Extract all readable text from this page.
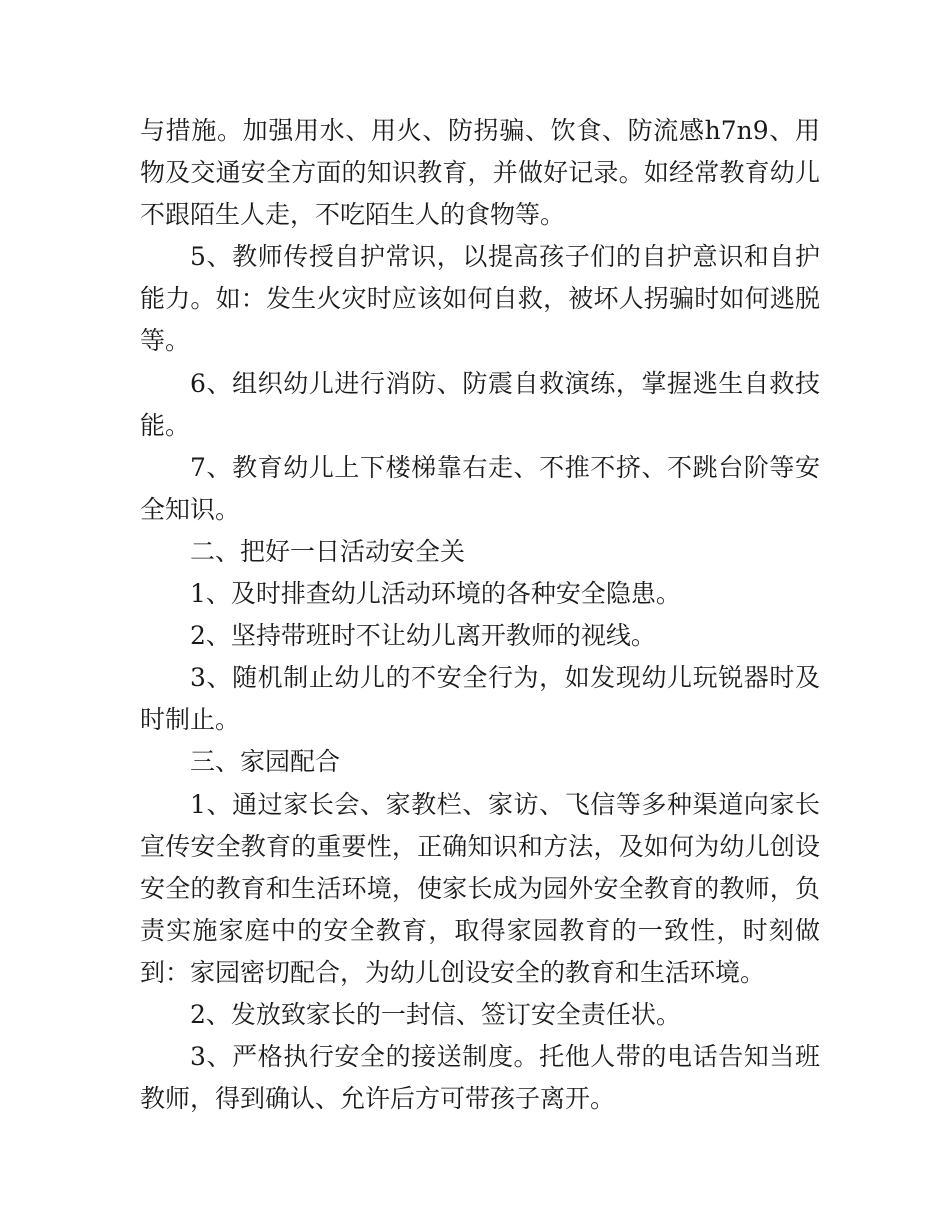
与措施。加强用水、用火、防拐骗、饮食、防流感h7n9、用物及交通安全方面的知识教育，并做好记录。如经常教育幼儿不跟陌生人走，不吃陌生人的食物等。

5、教师传授自护常识，以提高孩子们的自护意识和自护能力。如：发生火灾时应该如何自救，被坏人拐骗时如何逃脱等。

6、组织幼儿进行消防、防震自救演练，掌握逃生自救技能。

7、教育幼儿上下楼梯靠右走、不推不挤、不跳台阶等安全知识。

二、把好一日活动安全关

1、及时排查幼儿活动环境的各种安全隐患。

2、坚持带班时不让幼儿离开教师的视线。

3、随机制止幼儿的不安全行为，如发现幼儿玩锐器时及时制止。

三、家园配合

1、通过家长会、家教栏、家访、飞信等多种渠道向家长宣传安全教育的重要性，正确知识和方法，及如何为幼儿创设安全的教育和生活环境，使家长成为园外安全教育的教师，负责实施家庭中的安全教育，取得家园教育的一致性，时刻做到：家园密切配合，为幼儿创设安全的教育和生活环境。

2、发放致家长的一封信、签订安全责任状。

3、严格执行安全的接送制度。托他人带的电话告知当班教师，得到确认、允许后方可带孩子离开。
